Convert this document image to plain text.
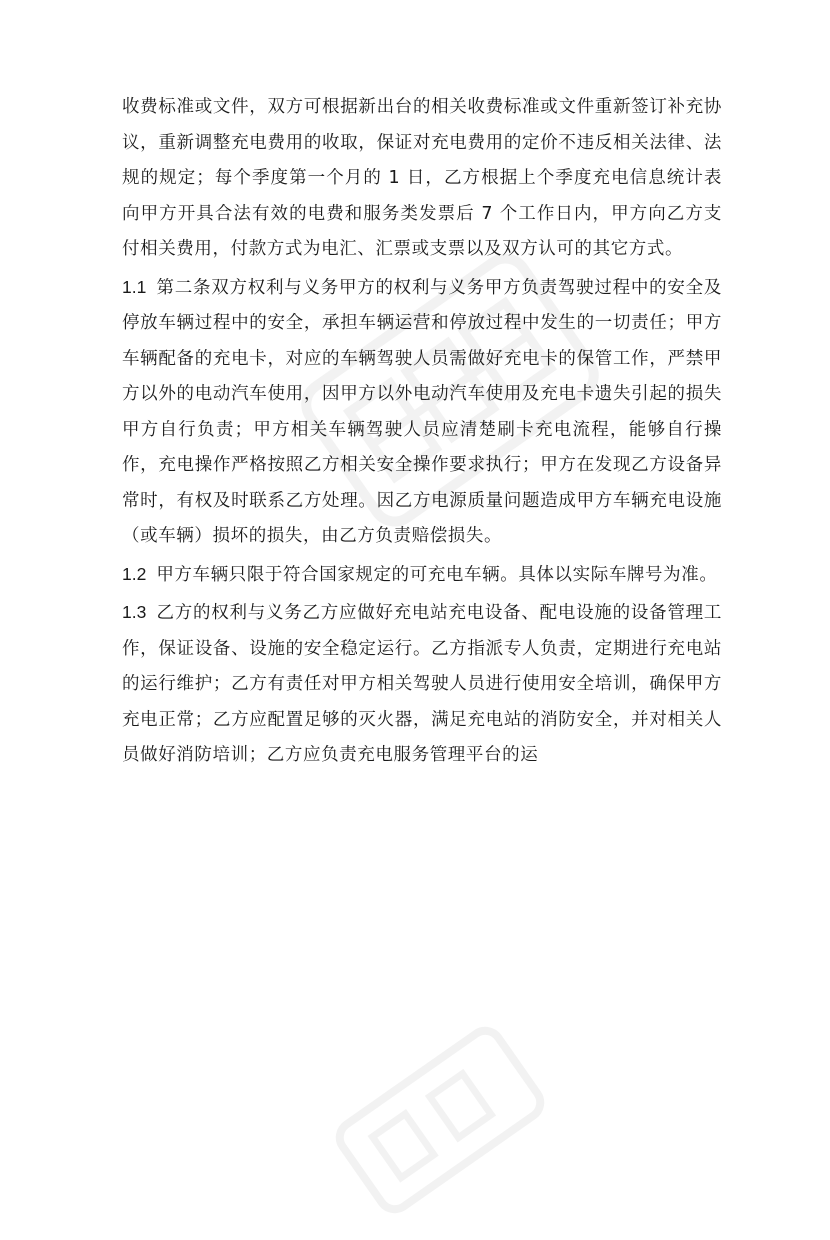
收费标准或文件，双方可根据新出台的相关收费标准或文件重新签订补充协议，重新调整充电费用的收取，保证对充电费用的定价不违反相关法律、法规的规定；每个季度第一个月的 1 日，乙方根据上个季度充电信息统计表向甲方开具合法有效的电费和服务类发票后 7 个工作日内，甲方向乙方支付相关费用，付款方式为电汇、汇票或支票以及双方认可的其它方式。

1.1 第二条双方权利与义务甲方的权利与义务甲方负责驾驶过程中的安全及停放车辆过程中的安全，承担车辆运营和停放过程中发生的一切责任；甲方车辆配备的充电卡，对应的车辆驾驶人员需做好充电卡的保管工作，严禁甲方以外的电动汽车使用，因甲方以外电动汽车使用及充电卡遗失引起的损失甲方自行负责；甲方相关车辆驾驶人员应清楚刷卡充电流程，能够自行操作，充电操作严格按照乙方相关安全操作要求执行；甲方在发现乙方设备异常时，有权及时联系乙方处理。因乙方电源质量问题造成甲方车辆充电设施（或车辆）损坏的损失，由乙方负责赔偿损失。

1.2 甲方车辆只限于符合国家规定的可充电车辆。具体以实际车牌号为准。

1.3 乙方的权利与义务乙方应做好充电站充电设备、配电设施的设备管理工作，保证设备、设施的安全稳定运行。乙方指派专人负责，定期进行充电站的运行维护；乙方有责任对甲方相关驾驶人员进行使用安全培训，确保甲方充电正常；乙方应配置足够的灭火器，满足充电站的消防安全，并对相关人员做好消防培训；乙方应负责充电服务管理平台的运
